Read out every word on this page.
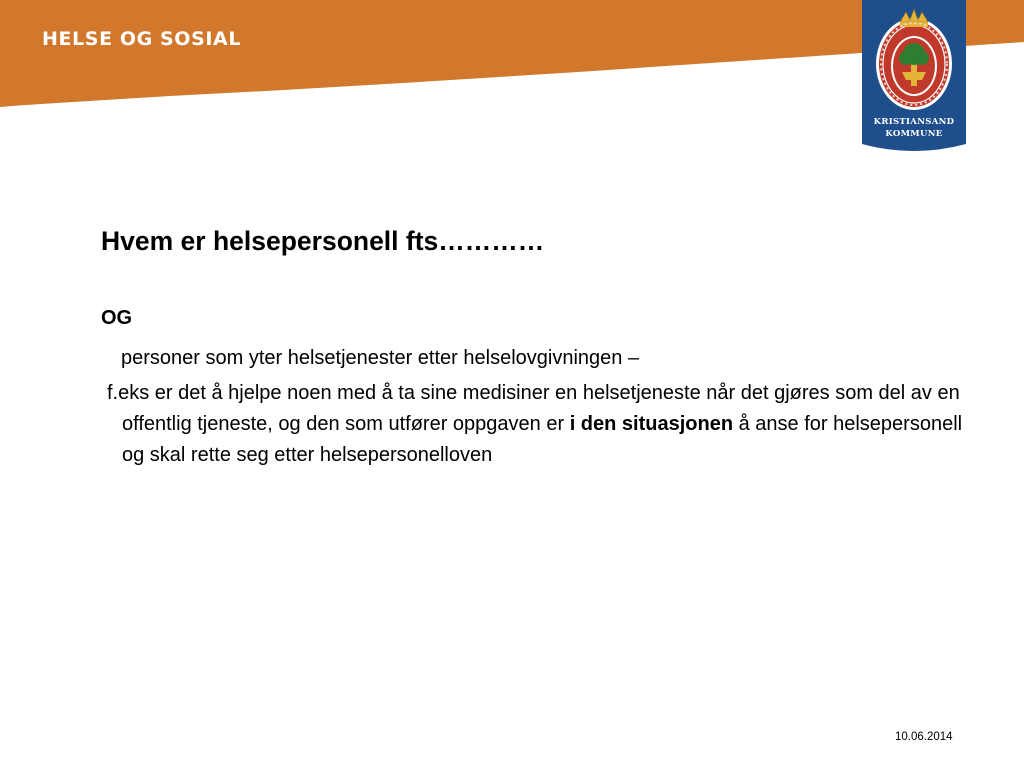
HELSE OG SOSIAL
KRISTIANSAND
KOMMUNE
Hvem er helsepersonell fts…………
OG
personer som yter helsetjenester etter helselovgivningen –
f.eks er det å hjelpe noen med å ta sine medisiner en helsetjeneste når det gjøres som del av en offentlig tjeneste, og den som utfører oppgaven er i den situasjonen å anse for helsepersonell og skal rette seg etter helsepersonelloven
10.06.2014
